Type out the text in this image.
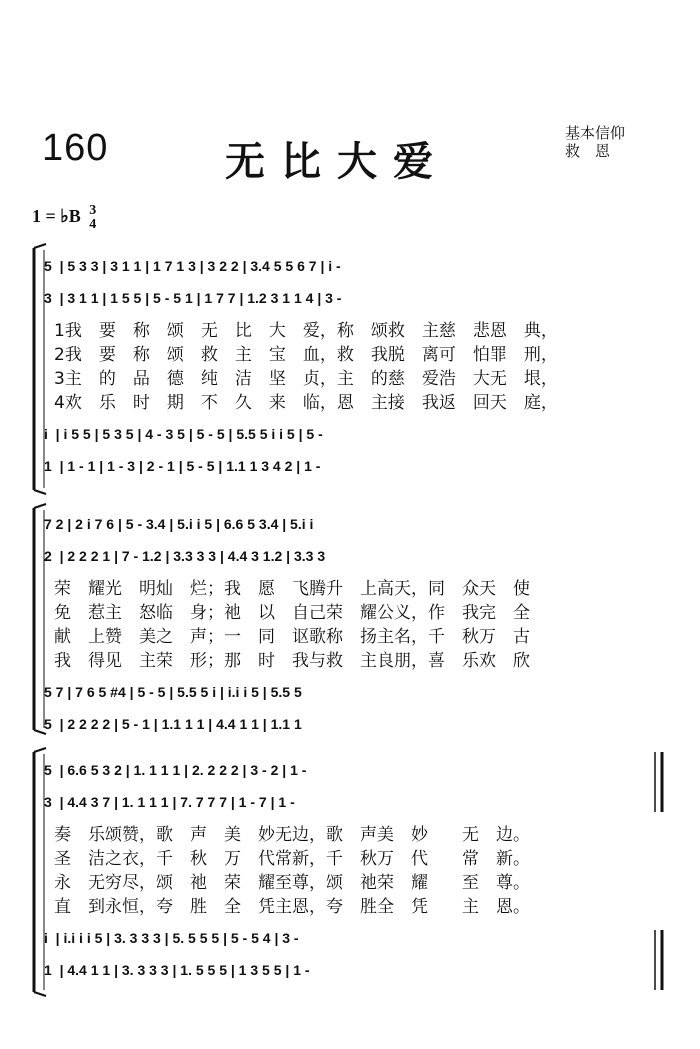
160	无比大爱
基本信仰
救　恩
1 = ♭B 3
4
5  | 5 3 3 | 3 1 1 | 1 7 1 3 | 3 2 2 | 3.4 5 5 6 7 | i -
3  | 3 1 1 | 1 5 5 | 5 - 5 1 | 1 7 7 | 1.2 3 1 1 4 | 3 -
1我　要　称　颂　无　比　大　爱，称　颂救　主慈　悲恩　典，
2我　要　称　颂　救　主　宝　血，救　我脱　离可　怕罪　刑，
3主　的　品　德　纯　洁　坚　贞，主　的慈　爱浩　大无　垠，
4欢　乐　时　期　不　久　来　临，恩　主接　我返　回天　庭，
i  | i 5 5 | 5 3 5 | 4 - 3 5 | 5 - 5 | 5.5 5 i i 5 | 5 -
1  | 1 - 1 | 1 - 3 | 2 - 1 | 5 - 5 | 1.1 1 3 4 2 | 1 -
7 2 | 2 i 7 6 | 5 - 3.4 | 5.i i 5 | 6.6 5 3.4 | 5.i i
2  | 2 2 2 1 | 7 - 1.2 | 3.3 3 3 | 4.4 3 1.2 | 3.3 3
荣　耀光　明灿　烂；我　愿　飞腾升　上高天，同　众天　使
免　惹主　怒临　身；祂　以　自己荣　耀公义，作　我完　全
献　上赞　美之　声；一　同　讴歌称　扬主名，千　秋万　古
我　得见　主荣　形；那　时　我与救　主良朋，喜　乐欢　欣
5 7 | 7 6 5 #4 | 5 - 5 | 5.5 5 i | i.i i 5 | 5.5 5
5  | 2 2 2 2 | 5 - 1 | 1.1 1 1 | 4.4 1 1 | 1.1 1
5  | 6.6 5 3 2 | 1. 1 1 1 | 2. 2 2 2 | 3 - 2 | 1 -
3  | 4.4 3 7 | 1. 1 1 1 | 7. 7 7 7 | 1 - 7 | 1 -
奏　乐颂赞，歌　声　美　妙无边，歌　声美　妙　　无　边。
圣　洁之衣，千　秋　万　代常新，千　秋万　代　　常　新。
永　无穷尽，颂　祂　荣　耀至尊，颂　祂荣　耀　　至　尊。
直　到永恒，夸　胜　全　凭主恩，夸　胜全　凭　　主　恩。
i  | i.i i i 5 | 3. 3 3 3 | 5. 5 5 5 | 5 - 5 4 | 3 -
1  | 4.4 1 1 | 3. 3 3 3 | 1. 5 5 5 | 1 3 5 5 | 1 -
